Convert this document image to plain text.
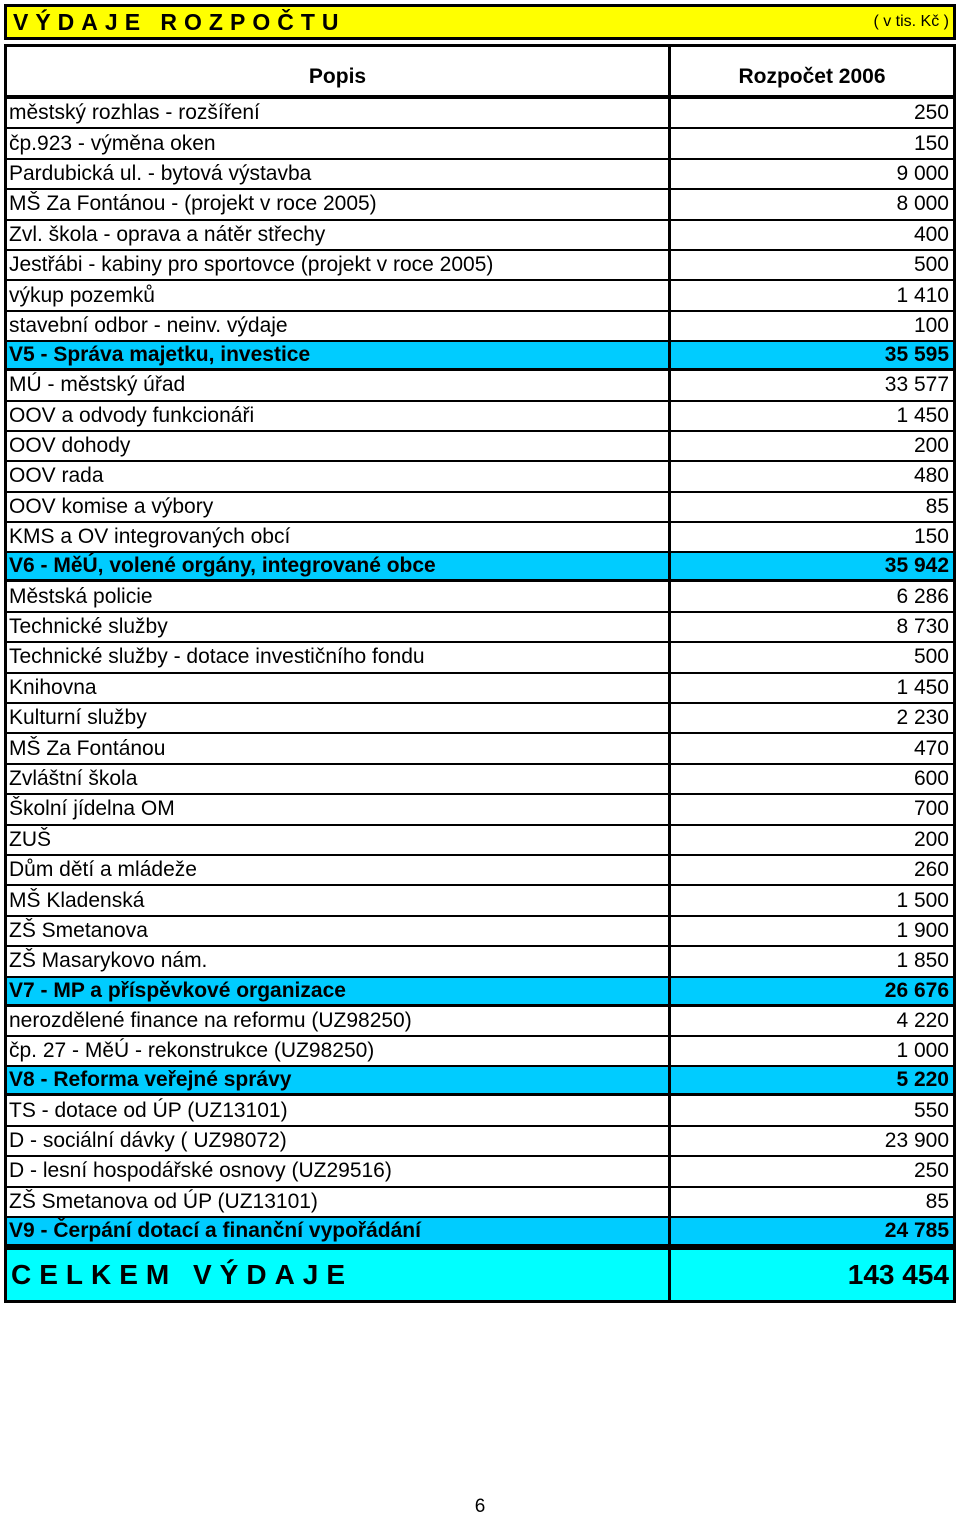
VÝDAJE ROZPOČTU	( v tis. Kč )
Popis	Rozpočet 2006
městský rozhlas - rozšíření	250
čp.923 - výměna oken	150
Pardubická ul. - bytová výstavba	9 000
MŠ Za Fontánou - (projekt v roce 2005)	8 000
Zvl. škola - oprava a nátěr střechy	400
Jestřábi - kabiny pro sportovce (projekt v roce 2005)	500
výkup pozemků	1 410
stavební odbor - neinv. výdaje	100
V5 - Správa majetku, investice	35 595
MÚ - městský úřad	33 577
OOV a odvody funkcionáři	1 450
OOV dohody	200
OOV rada	480
OOV komise a výbory	85
KMS a OV integrovaných obcí	150
V6 - MěÚ, volené orgány, integrované obce	35 942
Městská policie	6 286
Technické služby	8 730
Technické služby - dotace investičního fondu	500
Knihovna	1 450
Kulturní služby	2 230
MŠ Za Fontánou	470
Zvláštní škola	600
Školní jídelna OM	700
ZUŠ	200
Dům dětí a mládeže	260
MŠ Kladenská	1 500
ZŠ Smetanova	1 900
ZŠ Masarykovo nám.	1 850
V7 - MP a příspěvkové organizace	26 676
nerozdělené finance na reformu (UZ98250)	4 220
čp. 27 - MěÚ - rekonstrukce (UZ98250)	1 000
V8 - Reforma veřejné správy	5 220
TS - dotace od ÚP (UZ13101)	550
D - sociální dávky ( UZ98072)	23 900
D - lesní hospodářské osnovy (UZ29516)	250
ZŠ Smetanova od ÚP (UZ13101)	85
V9 - Čerpání dotací a finanční vypořádání	24 785
CELKEM VÝDAJE	143 454
6
